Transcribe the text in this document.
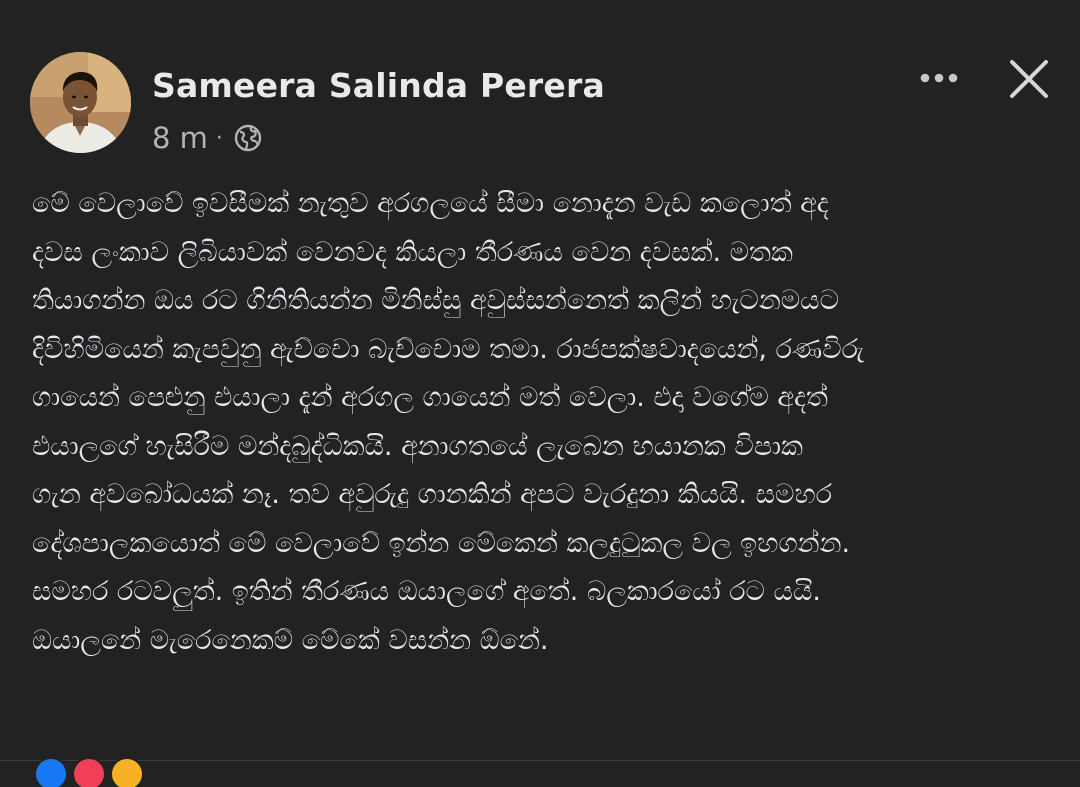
Sameera Salinda Perera
8 m ·
මේ වෙලාවේ ඉවසීමක් නැතුව අරගලයේ සීමා නොදැන වැඩ කලොත් අද
දවස ලංකාව ලිබියාවක් වෙනවද කියලා තීරණය වෙන දවසක්. මතක
තියාගන්න ඔය රට ගිනිතියන්න මිනිස්සු අවුස්සන්නෙත් කලින් හැටනමයට
දිවිහිමියෙන් කැපවුනු ඇච්චො බැච්චොම තමා. රාජපක්ෂවාදයෙන්, රණවිරු
ගායෙන් පෙළුනු එයාලා දැන් අරගල ගායෙන් මත් වෙලා. එදා වගේම අදත්
එයාලගේ හැසිරීම මන්දබුද්ධිකයි. අනාගතයේ ලැබෙන භයානක විපාක
ගැන අවබෝධයක් නෑ. තව අවුරුදු ගානකින් අපට වැරදුනා කියයි. සමහර
දේශපාලකයොත් මේ වෙලාවේ ඉන්න මේකෙන් කලදුටුකල වල ඉහගන්න.
සමහර රටවලුත්. ඉතින් තීරණය ඔයාලගේ අතේ. බලකාරයෝ රට යයි.
ඔයාලනේ මැරෙනෙකම් මේකේ වසන්න ඕනේ.
